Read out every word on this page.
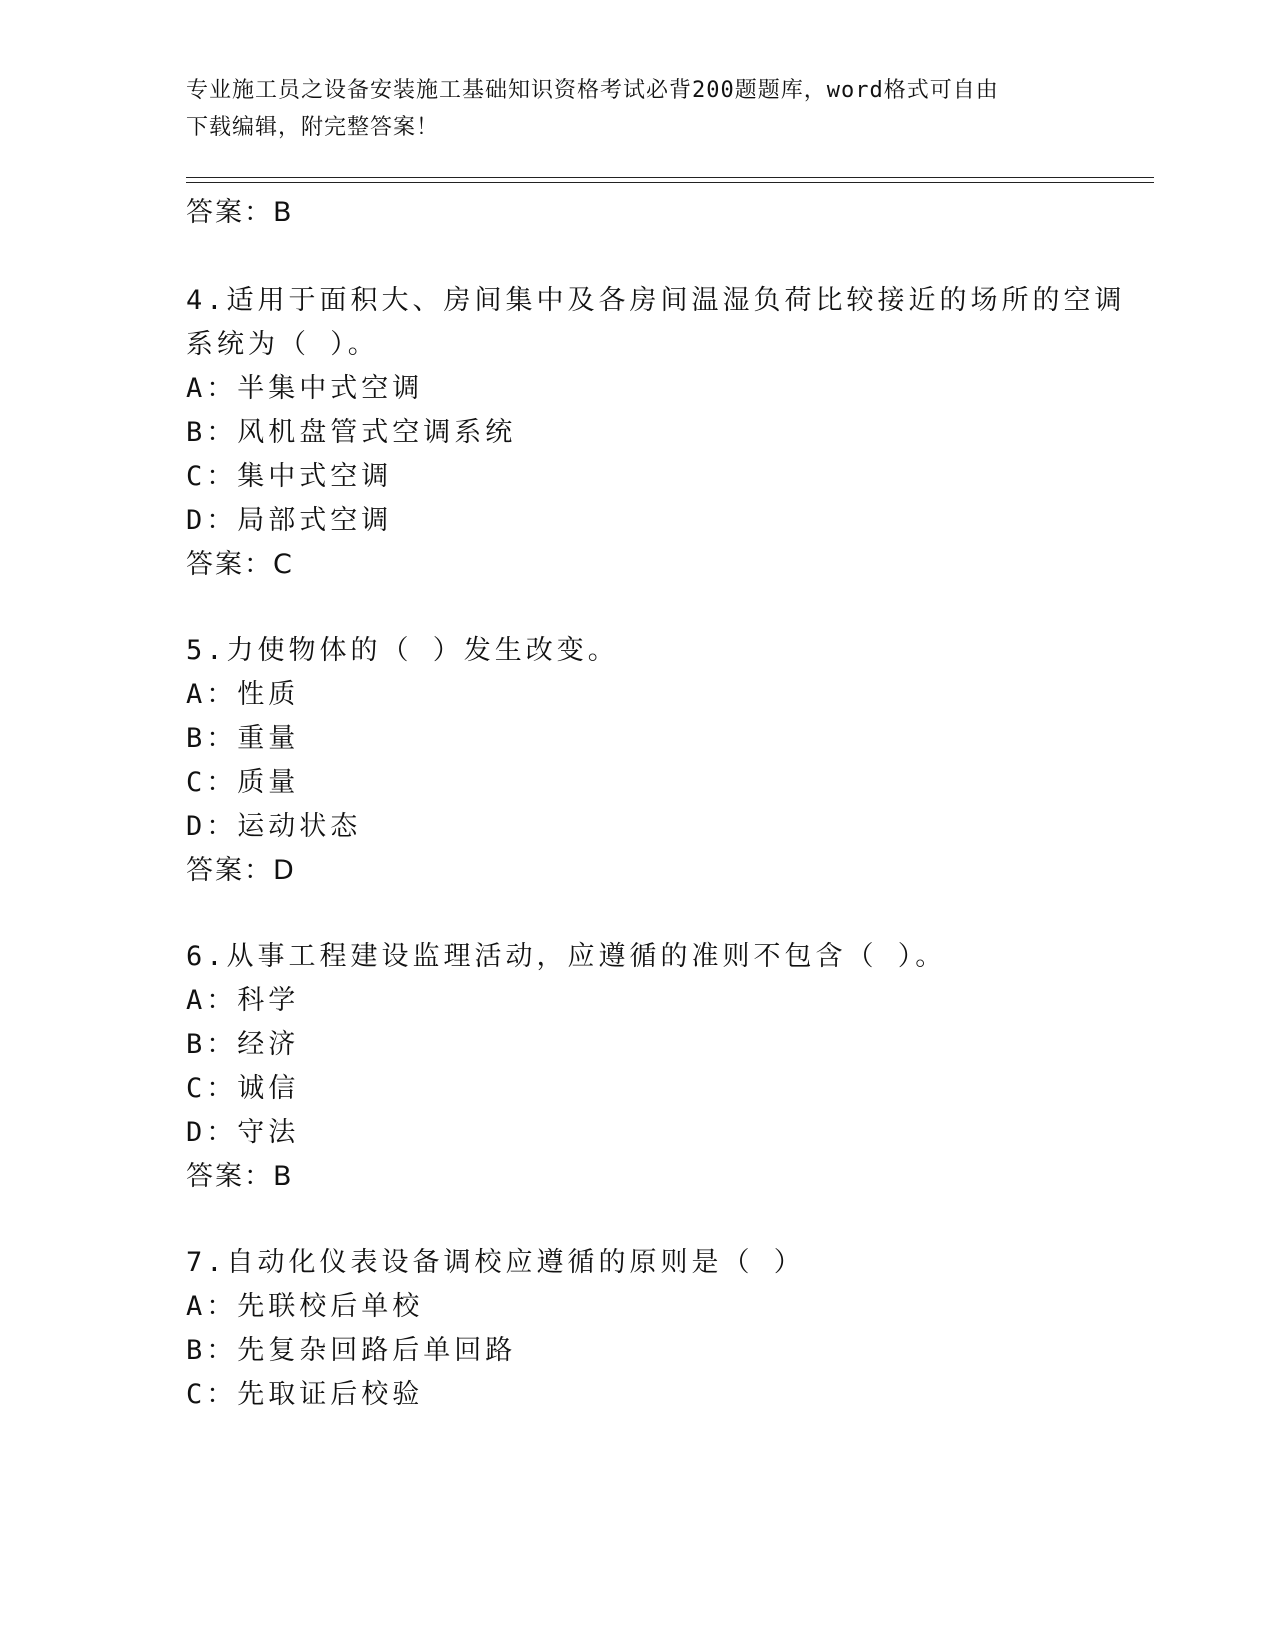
专业施工员之设备安装施工基础知识资格考试必背200题题库，word格式可自由
下载编辑，附完整答案！
答案：B
4.适用于面积大、房间集中及各房间温湿负荷比较接近的场所的空调
系统为（ ）。
A：半集中式空调
B：风机盘管式空调系统
C：集中式空调
D：局部式空调
答案：C
5.力使物体的（ ）发生改变。
A：性质
B：重量
C：质量
D：运动状态
答案：D
6.从事工程建设监理活动，应遵循的准则不包含（ ）。
A：科学
B：经济
C：诚信
D：守法
答案：B
7.自动化仪表设备调校应遵循的原则是（ ）
A：先联校后单校
B：先复杂回路后单回路
C：先取证后校验
